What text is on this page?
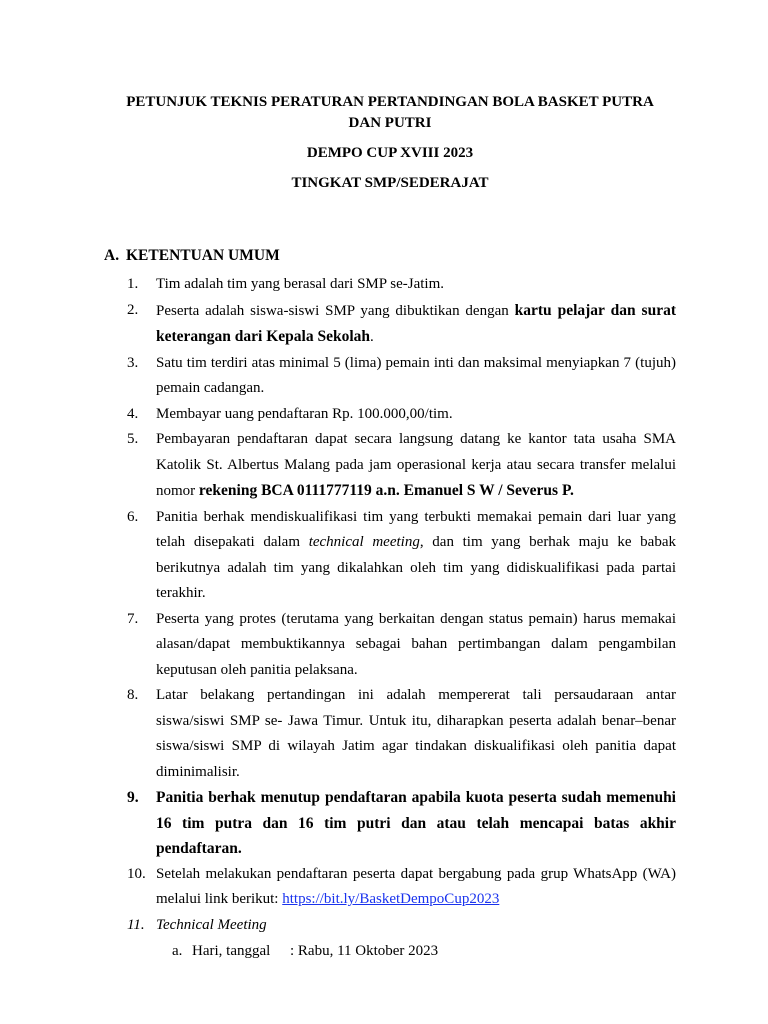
PETUNJUK TEKNIS PERATURAN PERTANDINGAN BOLA BASKET PUTRA

DAN PUTRI

DEMPO CUP XVIII 2023

TINGKAT SMP/SEDERAJAT

A. KETENTUAN UMUM
1.	Tim adalah tim yang berasal dari SMP se-Jatim.
2.	Peserta adalah siswa-siswi SMP yang dibuktikan dengan kartu pelajar dan surat keterangan dari Kepala Sekolah.
3.	Satu tim terdiri atas minimal 5 (lima) pemain inti dan maksimal menyiapkan 7 (tujuh) pemain cadangan.
4.	Membayar uang pendaftaran Rp. 100.000,00/tim.
5.	Pembayaran pendaftaran dapat secara langsung datang ke kantor tata usaha SMA Katolik St. Albertus Malang pada jam operasional kerja atau secara transfer melalui nomor rekening BCA 0111777119 a.n. Emanuel S W / Severus P.
6.	Panitia berhak mendiskualifikasi tim yang terbukti memakai pemain dari luar yang telah disepakati dalam technical meeting, dan tim yang berhak maju ke babak berikutnya adalah tim yang dikalahkan oleh tim yang didiskualifikasi pada partai terakhir.
7.	Peserta yang protes (terutama yang berkaitan dengan status pemain) harus memakai alasan/dapat membuktikannya sebagai bahan pertimbangan dalam pengambilan keputusan oleh panitia pelaksana.
8.	Latar belakang pertandingan ini adalah mempererat tali persaudaraan antar siswa/siswi SMP se- Jawa Timur. Untuk itu, diharapkan peserta adalah benar–benar siswa/siswi SMP di wilayah Jatim agar tindakan diskualifikasi oleh panitia dapat diminimalisir.
9.	Panitia berhak menutup pendaftaran apabila kuota peserta sudah memenuhi 16 tim putra dan 16 tim putri dan atau telah mencapai batas akhir pendaftaran.
10. Setelah melakukan pendaftaran peserta dapat bergabung pada grup WhatsApp (WA) melalui link berikut: https://bit.ly/BasketDempoCup2023
11. Technical Meeting
a. Hari, tanggal	: Rabu, 11 Oktober 2023
